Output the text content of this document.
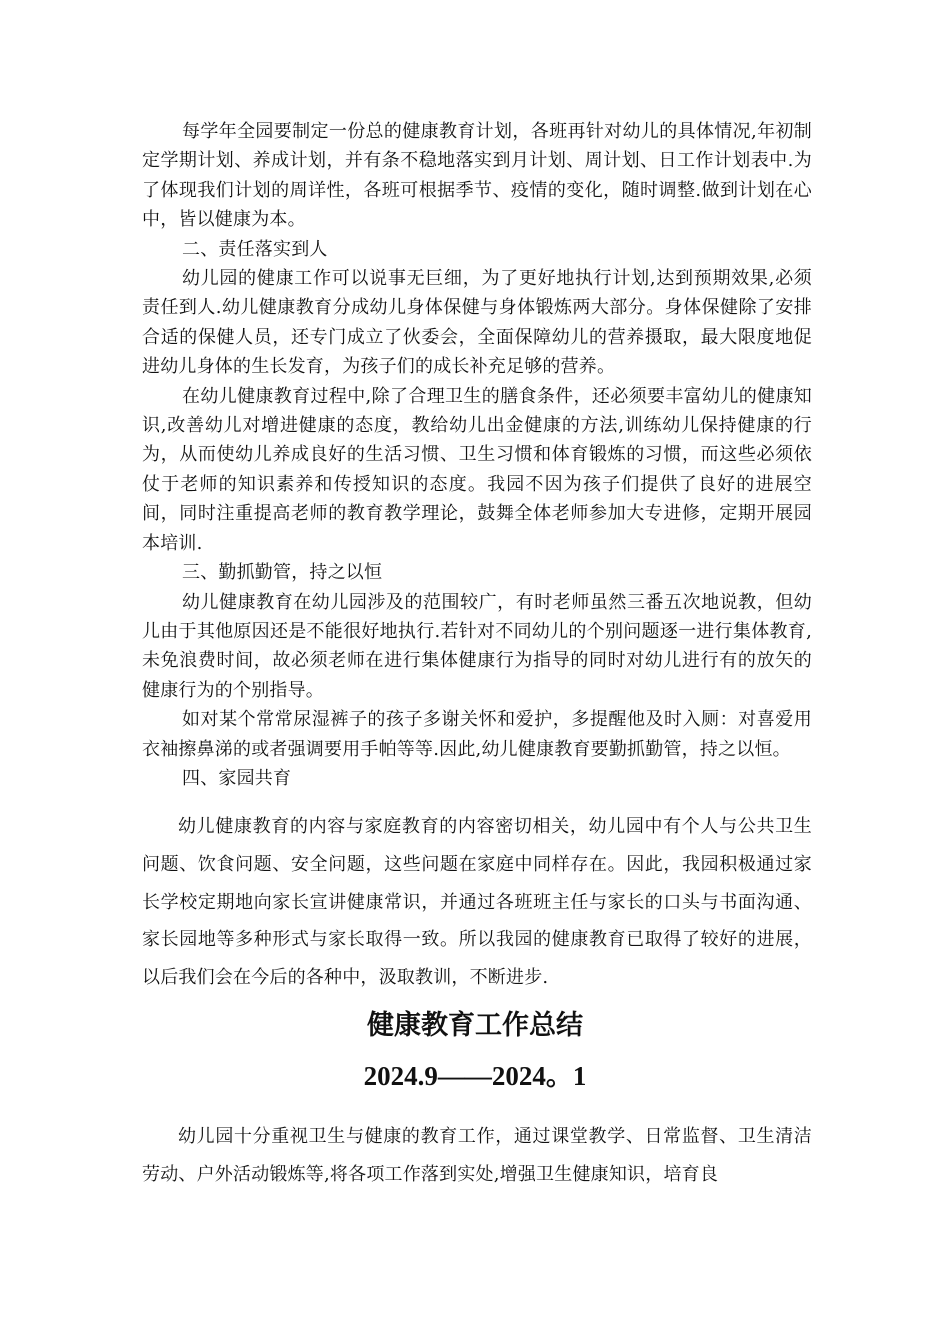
每学年全园要制定一份总的健康教育计划，各班再针对幼儿的具体情况,年初制定学期计划、养成计划，并有条不稳地落实到月计划、周计划、日工作计划表中.为了体现我们计划的周详性，各班可根据季节、疫情的变化，随时调整.做到计划在心中，皆以健康为本。

二、责任落实到人

幼儿园的健康工作可以说事无巨细，为了更好地执行计划,达到预期效果,必须责任到人.幼儿健康教育分成幼儿身体保健与身体锻炼两大部分。身体保健除了安排合适的保健人员，还专门成立了伙委会，全面保障幼儿的营养摄取，最大限度地促进幼儿身体的生长发育，为孩子们的成长补充足够的营养。

在幼儿健康教育过程中,除了合理卫生的膳食条件，还必须要丰富幼儿的健康知识,改善幼儿对增进健康的态度，教给幼儿出金健康的方法,训练幼儿保持健康的行为，从而使幼儿养成良好的生活习惯、卫生习惯和体育锻炼的习惯，而这些必须依仗于老师的知识素养和传授知识的态度。我园不因为孩子们提供了良好的进展空间，同时注重提高老师的教育教学理论，鼓舞全体老师参加大专进修，定期开展园本培训.

三、勤抓勤管，持之以恒

幼儿健康教育在幼儿园涉及的范围较广，有时老师虽然三番五次地说教，但幼儿由于其他原因还是不能很好地执行.若针对不同幼儿的个别问题逐一进行集体教育,未免浪费时间，故必须老师在进行集体健康行为指导的同时对幼儿进行有的放矢的健康行为的个别指导。

如对某个常常尿湿裤子的孩子多谢关怀和爱护，多提醒他及时入厕：对喜爱用衣袖擦鼻涕的或者强调要用手帕等等.因此,幼儿健康教育要勤抓勤管，持之以恒。

四、家园共育

幼儿健康教育的内容与家庭教育的内容密切相关，幼儿园中有个人与公共卫生问题、饮食问题、安全问题，这些问题在家庭中同样存在。因此，我园积极通过家长学校定期地向家长宣讲健康常识，并通过各班班主任与家长的口头与书面沟通、家长园地等多种形式与家长取得一致。所以我园的健康教育已取得了较好的进展，以后我们会在今后的各种中，汲取教训，不断进步.

健康教育工作总结
2024.9——2024。1

幼儿园十分重视卫生与健康的教育工作，通过课堂教学、日常监督、卫生清洁劳动、户外活动锻炼等,将各项工作落到实处,增强卫生健康知识，培育良
